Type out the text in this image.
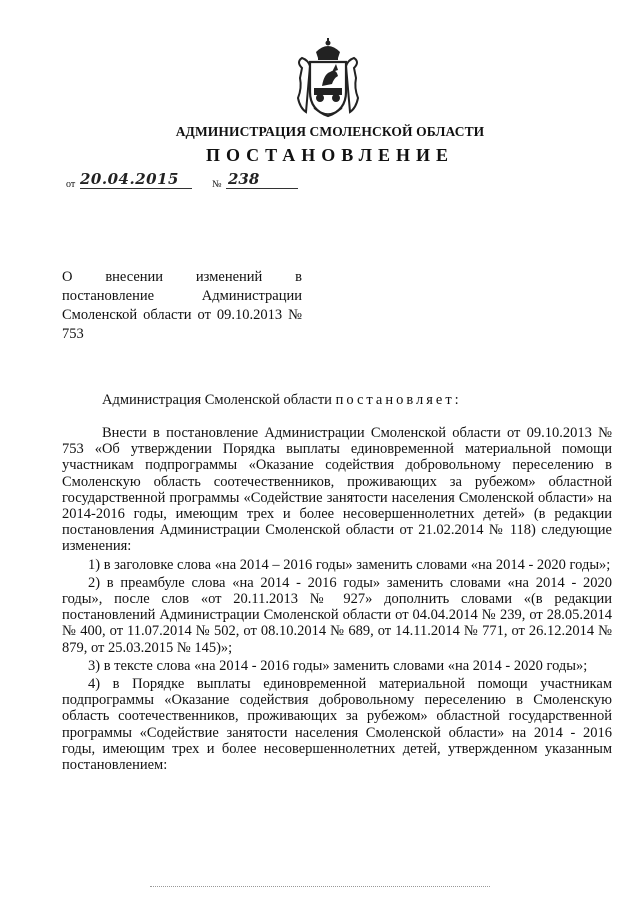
АДМИНИСТРАЦИЯ СМОЛЕНСКОЙ ОБЛАСТИ
ПОСТАНОВЛЕНИЕ
от 20.04.2015	№ 238
О внесении изменений в постановление Администрации Смоленской области от 09.10.2013 № 753
Администрация Смоленской области постановляет:

Внести в постановление Администрации Смоленской области от 09.10.2013 № 753 «Об утверждении Порядка выплаты единовременной материальной помощи участникам подпрограммы «Оказание содействия добровольному переселению в Смоленскую область соотечественников, проживающих за рубежом» областной государственной программы «Содействие занятости населения Смоленской области» на 2014-2016 годы, имеющим трех и более несовершеннолетних детей» (в редакции постановления Администрации Смоленской области от 21.02.2014 № 118) следующие изменения:

1) в заголовке слова «на 2014 – 2016 годы» заменить словами «на 2014 - 2020 годы»;

2) в преамбуле слова «на 2014 - 2016 годы» заменить словами «на 2014 - 2020 годы», после слов «от 20.11.2013 № 927» дополнить словами «(в редакции постановлений Администрации Смоленской области от 04.04.2014 № 239, от 28.05.2014 № 400, от 11.07.2014 № 502, от 08.10.2014 № 689, от 14.11.2014 № 771, от 26.12.2014 № 879, от 25.03.2015 № 145)»;

3) в тексте слова «на 2014 - 2016 годы» заменить словами «на 2014 - 2020 годы»;

4) в Порядке выплаты единовременной материальной помощи участникам подпрограммы «Оказание содействия добровольному переселению в Смоленскую область соотечественников, проживающих за рубежом» областной государственной программы «Содействие занятости населения Смоленской области» на 2014 - 2016 годы, имеющим трех и более несовершеннолетних детей, утвержденном указанным постановлением:
